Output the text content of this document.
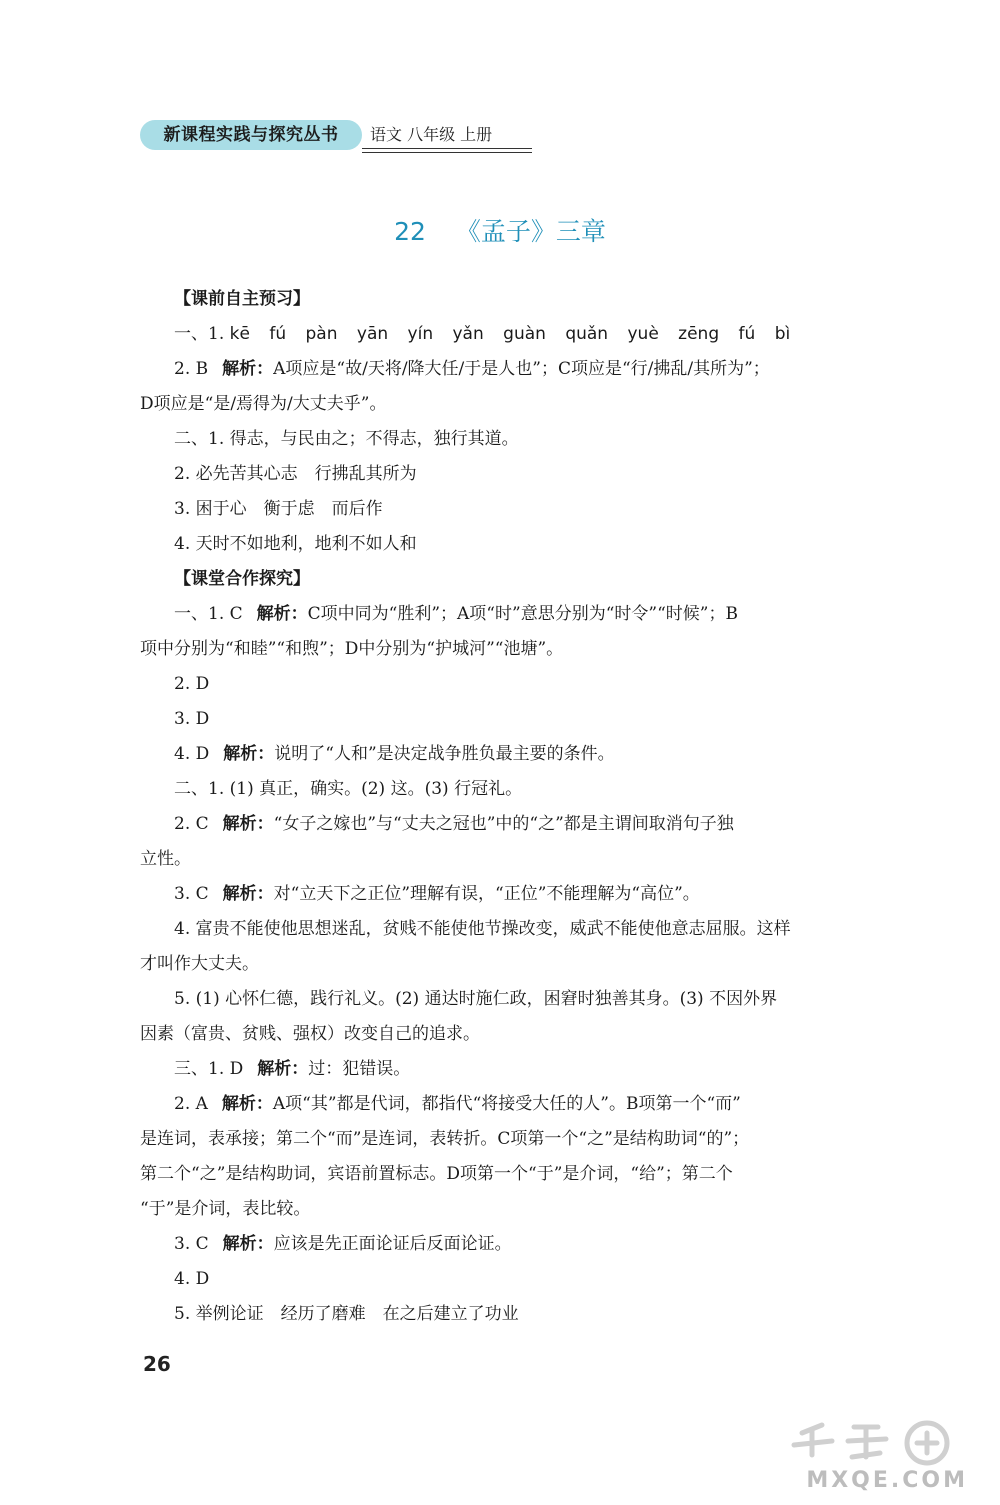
新课程实践与探究丛书	语文 八年级 上册
22 《孟子》三章
【课前自主预习】
一、1. kē fú pàn yān yín yǎn guàn quǎn yuè zēng fú bì
2. B 解析：A项应是“故/天将/降大任/于是人也”；C项应是“行/拂乱/其所为”；
D项应是“是/焉得为/大丈夫乎”。
二、1. 得志，与民由之；不得志，独行其道。
2. 必先苦其心志　行拂乱其所为
3. 困于心　衡于虑　而后作
4. 天时不如地利，地利不如人和
【课堂合作探究】
一、1. C 解析：C项中同为“胜利”；A项“时”意思分别为“时令”“时候”；B
项中分别为“和睦”“和煦”；D中分别为“护城河”“池塘”。
2. D
3. D
4. D 解析：说明了“人和”是决定战争胜负最主要的条件。
二、1. (1) 真正，确实。(2) 这。(3) 行冠礼。
2. C 解析：“女子之嫁也”与“丈夫之冠也”中的“之”都是主谓间取消句子独
立性。
3. C 解析：对“立天下之正位”理解有误，“正位”不能理解为“高位”。
4. 富贵不能使他思想迷乱，贫贱不能使他节操改变，威武不能使他意志屈服。这样
才叫作大丈夫。
5. (1) 心怀仁德，践行礼义。(2) 通达时施仁政，困窘时独善其身。(3) 不因外界
因素（富贵、贫贱、强权）改变自己的追求。
三、1. D 解析：过：犯错误。
2. A 解析：A项“其”都是代词，都指代“将接受大任的人”。B项第一个“而”
是连词，表承接；第二个“而”是连词，表转折。C项第一个“之”是结构助词“的”；
第二个“之”是结构助词，宾语前置标志。D项第一个“于”是介词，“给”；第二个
“于”是介词，表比较。
3. C 解析：应该是先正面论证后反面论证。
4. D
5. 举例论证　经历了磨难　在之后建立了功业
26
MXQE.COM
